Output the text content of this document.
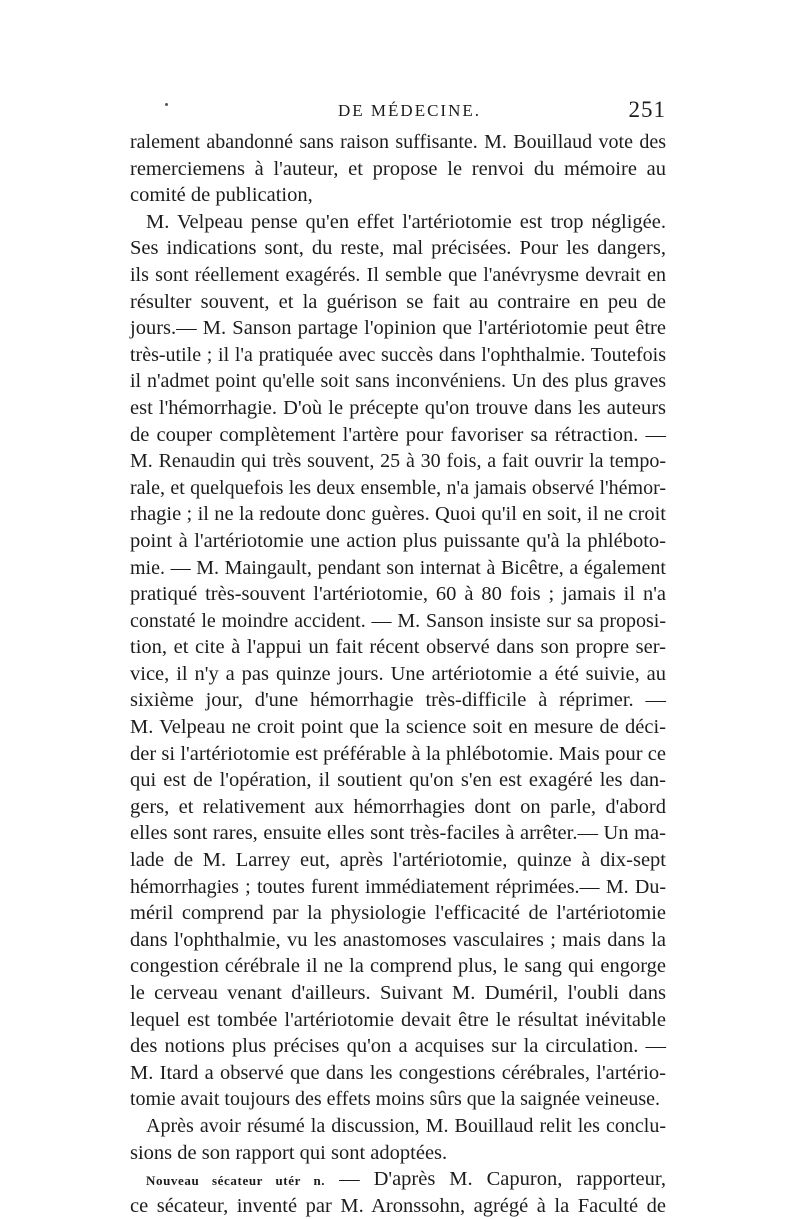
DE MÉDECINE.	251
ralement abandonné sans raison suffisante. M. Bouillaud vote des
remerciemens à l'auteur, et propose le renvoi du mémoire au
comité de publication,
M. Velpeau pense qu'en effet l'artériotomie est trop négligée.
Ses indications sont, du reste, mal précisées. Pour les dangers,
ils sont réellement exagérés. Il semble que l'anévrysme devrait en
résulter souvent, et la guérison se fait au contraire en peu de
jours.— M. Sanson partage l'opinion que l'artériotomie peut être
très-utile ; il l'a pratiquée avec succès dans l'ophthalmie. Toutefois
il n'admet point qu'elle soit sans inconvéniens. Un des plus graves
est l'hémorrhagie. D'où le précepte qu'on trouve dans les auteurs
de couper complètement l'artère pour favoriser sa rétraction. —
M. Renaudin qui très souvent, 25 à 30 fois, a fait ouvrir la tempo-
rale, et quelquefois les deux ensemble, n'a jamais observé l'hémor-
rhagie ; il ne la redoute donc guères. Quoi qu'il en soit, il ne croit
point à l'artériotomie une action plus puissante qu'à la phléboto-
mie. — M. Maingault, pendant son internat à Bicêtre, a également
pratiqué très-souvent l'artériotomie, 60 à 80 fois ; jamais il n'a
constaté le moindre accident. — M. Sanson insiste sur sa proposi-
tion, et cite à l'appui un fait récent observé dans son propre ser-
vice, il n'y a pas quinze jours. Une artériotomie a été suivie, au
sixième jour, d'une hémorrhagie très-difficile à réprimer. —
M. Velpeau ne croit point que la science soit en mesure de déci-
der si l'artériotomie est préférable à la phlébotomie. Mais pour ce
qui est de l'opération, il soutient qu'on s'en est exagéré les dan-
gers, et relativement aux hémorrhagies dont on parle, d'abord
elles sont rares, ensuite elles sont très-faciles à arrêter.— Un ma-
lade de M. Larrey eut, après l'artériotomie, quinze à dix-sept
hémorrhagies ; toutes furent immédiatement réprimées.— M. Du-
méril comprend par la physiologie l'efficacité de l'artériotomie
dans l'ophthalmie, vu les anastomoses vasculaires ; mais dans la
congestion cérébrale il ne la comprend plus, le sang qui engorge
le cerveau venant d'ailleurs. Suivant M. Duméril, l'oubli dans
lequel est tombée l'artériotomie devait être le résultat inévitable
des notions plus précises qu'on a acquises sur la circulation. —
M. Itard a observé que dans les congestions cérébrales, l'artério-
tomie avait toujours des effets moins sûrs que la saignée veineuse.
Après avoir résumé la discussion, M. Bouillaud relit les conclu-
sions de son rapport qui sont adoptées.
Nouveau sécateur utér n. — D'après M. Capuron, rapporteur,
ce sécateur, inventé par M. Aronssohn, agrégé à la Faculté de
